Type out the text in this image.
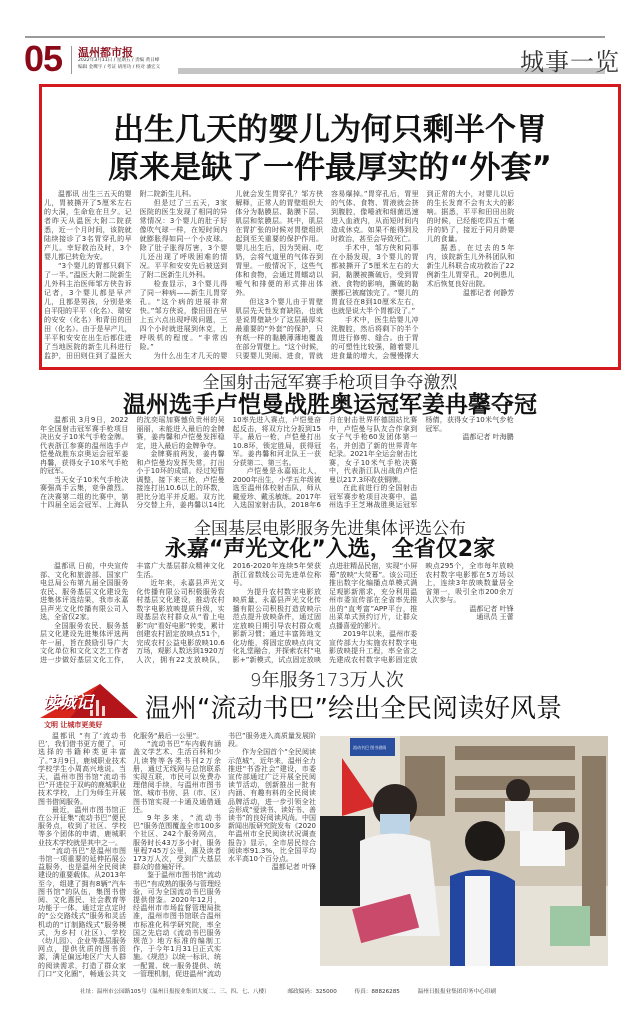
05 温州都市报
2022年3月11日 / 星期五 / 责编 黄日峰
编辑 金鹰宇 / 考证 胡用功 / 校对 潘宏义	城事一览
出生几天的婴儿为何只剩半个胃
原来是缺了一件最厚实的“外套”

温都讯 出生三五天的婴儿，胃被撕开了5厘米左右的大洞，生命危在旦夕。记者昨天从温医大附二院获悉，近一个月时间，该院就陆续接诊了3名胃穿孔的早产儿。幸好救治及时，3个婴儿都已转危为安。

“3个婴儿的胃都只剩下了一半。”温医大附二院新生儿外科主治医师邹方侠告诉记者，3个婴儿都是早产儿，且都是男孩，分别是来自平阳的平平（化名）、瑞安的安安（化名）和青田的田田（化名）。由于是早产儿，平平和安安在出生后都住进了当地医院的新生儿科进行监护，田田则住到了温医大附二院新生儿科。

但是过了三五天，3家医院的医生发现了相同的异常情况：3个婴儿的肚子好像吹气球一样，在短时间内就膨胀得如同一个小皮球。除了肚子胀得厉害，3个婴儿还出现了呼吸困难的情况。平平和安安先后被送到了附二医新生儿外科。

检查显示，3个婴儿得了同一种病——新生儿胃穿孔。“这个病的进展非常快。”邹方侠说，像田田在早上五六点出现呼吸问题，三四个小时就进展到休克，上呼吸机的程度。“非常凶险。”

为什么出生才几天的婴儿就会发生胃穿孔？邹方侠解释，正常人的胃壁组织大体分为黏膜层、黏膜下层、肌层和浆膜层。其中，肌层在胃扩张的时候对胃壁组织起到至关重要的保护作用。婴儿出生后，因为哭闹、吃奶，会将气道里的气体吞到胃里。一般情况下，这些气体和食物，会通过胃蠕动以嗳气和排便的形式排出体外。

但这3个婴儿由于胃壁肌层先天性发育缺陷，也就是说胃壁缺少了这层最厚实最重要的“外套”的保护，只有纸一样的黏膜薄薄地覆盖在部分胃壁上。“这个时候，只要婴儿哭闹、进食，胃就容易爆掉。”胃穿孔后，胃里的气体、食物、胃液就会挤到腹腔，像唾液和细菌迅速进入血液内，从而短时间内造成休克。如果不能得到及时救治，甚至会导致死亡。

手术中，邹方侠和同事在小肠发现，3个婴儿的胃都被撕开了5厘米左右的大洞，黏膜被撕破后，受到胃液、食物的影响，撕破的黏膜都已被腐蚀完了。“婴儿的胃直径在8到10厘米左右，也就是说大半个胃都没了。”

手术中，医生给婴儿冲洗腹腔，然后将剩下的半个胃进行修剪、缝合。由于胃的可塑性比较强，随着婴儿进食量的增大，会慢慢撑大到正常的大小，对婴儿以后的生长发育不会有太大的影响。据悉，平平和田田出院的时候，已经能吃四五十毫升的奶了，接近于同月龄婴儿的食量。

据悉，在过去的5年内，该院新生儿外科团队和新生儿科联合成功救治了22例新生儿胃穿孔，20例患儿术后恢复良好出院。

温都记者 何静芳
全国射击冠军赛手枪项目争夺激烈
温州选手卢恺曼战胜奥运冠军姜冉馨夺冠

温都讯 3月9日，2022年全国射击冠军赛手枪项目决出女子10米气手枪金牌。代表浙江参赛的温州选手卢恺曼战胜东京奥运会冠军姜冉馨，获得女子10米气手枪的冠军。

当天女子10米气手枪决赛强高手云集，竞争激烈。在决赛第二组的比赛中，第十四届全运会冠军、上海队的沈奕瑶加赛憾负贵州的吴丽丽，未能进入最后的金牌赛，姜冉馨和卢恺曼发挥稳定，进入最后的金牌争夺。

金牌赛前两发，姜冉馨和卢恺曼均发挥失常，打出小于10环的成绩。经过短暂调整，接下来三枪，卢恺曼接连打出10.6以上的环数，把比分追平并反超。双方比分交替上升，姜冉馨以14比10率先进入赛点，卢恺曼奋起反击，将双方比分扳到15平。最后一枪，卢恺曼打出10.8环，锁定胜局，获得冠军。姜冉馨和河北队王一获分获第二、第三名。

卢恺曼是永嘉瓯北人，2000年出生，小学五年级被选至温州体校射击队，师从戴爱珍、戴丞敏练。2017年入选国家射击队，2018年6月在射击世界杯德国站比赛中，卢恺曼与队友合作拿到女子气手枪60发团体第一名，并创造了新的世界青年纪录。2021年全运会射击比赛，女子10米气手枪决赛中，代表浙江队出战的卢恺曼以217.3环收获铜牌。

在此前进行的全国射击冠军赛步枪项目决赛中，温州选手王芝琳战胜奥运冠军杨倩，获得女子10米气步枪冠军。

温都记者 叶海鹏
全国基层电影服务先进集体评选公布
永嘉“声光文化”入选，全省仅2家

温都讯 日前，中央宣传部、文化和旅游部、国家广电总局公布第九届全国服务农民、服务基层文化建设先进集体评选结果，我市永嘉县声光文化传播有限公司入选，全省仅2家。

全国服务农民、服务基层文化建设先进集体评选两年一届，旨在鼓励引导广大文化单位和文化文艺工作者进一步做好基层文化工作，丰富广大基层群众精神文化生活。

近年来，永嘉县声光文化传播有限公司积极服务农村基层文化建设，推动农村数字电影放映提质升级，实现基层农村群众从“看上电影”向“看好电影”转变，累计创建农村固定放映点51个，完成农村公益电影放映10.6万场，观影人数达到1920万人次，拥有22支放映队，2016-2020年连续5年荣获浙江省数线公司先进单位称号。

为提升农村数字电影放映质量，永嘉县声光文化传播有限公司积极打造放映示范点提升放映条件，通过固定放映日期引导农村群众观影新习惯；通过丰富阵地文化功能，将固定放映点向文化礼堂融合，并探索农村“电影+”新模式，试点固定放映点进驻精品民宿，实现“小屏幕”放映“大荧幕”。该公司还推出数字化编播点单模式满足观影新需求，充分利用温州市委宣传部在全省率先推出的“直考富”APP平台，推出菜单式预约订片，让群众点播喜爱的影片。

2019年以来，温州市委宣传部大力实施农村数字电影放映提升工程，率全省之先建成农村数字电影固定放映点295个，全市每年放映农村数字电影都在5万场以上，连续3年放映数量居全省第一，吸引全市200余万人次参与。

温都记者 叶锋
通讯员 王蕾
读城记
文明 让城市更美好
9年服务173万人次
温州“流动书巴”绘出全民阅读好风景

温都讯 “有了‘流动书巴’，我们借书更方便了，可选择的书籍种类更丰富了。”3月9日，鹿城职业技术学校学生小周高兴地说。当天，温州市图书馆“流动书巴”开进位于双屿的鹿城职业技术学校，上门为师生开展图书借阅服务。

最近，温州市图书馆正在公开征集“流动书巴”便民服务点，收到了社区、学校等多个团体的申请，鹿城职业技术学校就是其中之一。

“流动书巴”是温州市图书馆一项重要的延伸拓展公益服务，也是温州全民阅读建设的重要载体。从2013年至今，组建了拥有8辆“汽车图书馆”的队伍，集图书借阅、文化惠民、社会教育等功能于一体，通过定点定时的“公交路线式”服务和灵活机动的“订制路线式”服务模式，为乡村（社区）、学校（幼儿园）、企业等基层服务网点，提供优质的图书资源，满足偏远地区广大人群的阅读需求，打造了群众家门口“文化圈”，畅通公共文化服务“最后一公里”。

“流动书巴”车内载有涵盖文学艺术、生活百科和少儿读物等各类书刊2万余册，通过无线网与总馆联系实现互联，市民可以免费办理借阅手续，与温州市图书馆、城市书房、县（市、区）图书馆实现一卡通及通借通还。

9年多来，“流动书巴”服务范围覆盖全市100多个社区、242个服务网点，服务时长43万多小时，服务里程745万公里，惠及读者173万人次，受到广大基层群众的普遍好评。

鉴于温州市图书馆“流动书巴”有成熟的服务与管理经验，可为全国流动书巴服务提供借鉴。2020年12月，经温州市市场监督管理局批准，温州市图书馆联合温州市标准化科学研究院，率全国之先启动《流动书巴服务规范》地方标准的编制工作，于今年1月31日正式实施。《规范》以统一标识、统一配置、统一服务提供、统一管理机制，促进温州“流动书巴”服务进入高质量发展阶段。

作为全国首个“全民阅读示范城”，近年来，温州全力推进“书香社会”建设，市委宣传部通过广泛开展全民阅读节活动，创新推出一批有内涵、有趣有料的全民阅读品牌活动，进一步引领全社会形成“爱读书、读好书、善读书”的良好阅读风尚。中国新闻出版研究院发布《2020年温州市全民阅读状况调查报告》显示，全市居民综合阅读率91.3%，比全国平均水平高10个百分点。

温都记者 叶锋
流动书巴 图书借阅
社址：温州市公园路105号（温州日报报业集团大厦二、三、四、七、八楼）	邮政编码：325000	传真：88826285	温州日报报业集团印务中心印刷
